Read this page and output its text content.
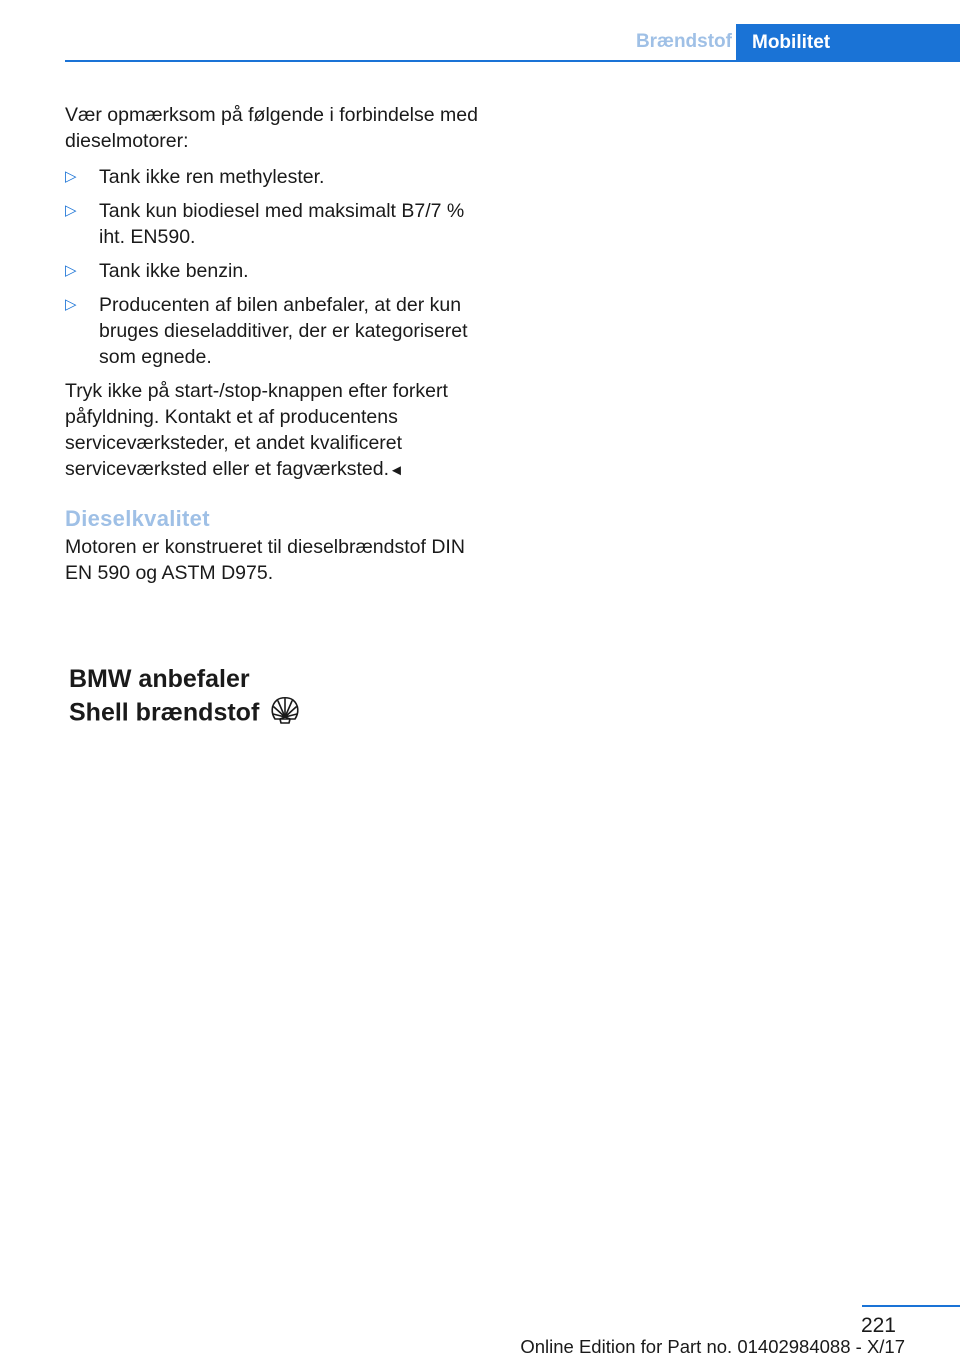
Brændstof	Mobilitet

Vær opmærksom på følgende i forbindelse med dieselmotorer:

▷ Tank ikke ren methylester.
▷ Tank kun biodiesel med maksimalt B7/7 % iht. EN590.
▷ Tank ikke benzin.
▷ Producenten af bilen anbefaler, at der kun bruges dieseladditiver, der er kategoriseret som egnede.

Tryk ikke på start-/stop-knappen efter forkert påfyldning. Kontakt et af producentens serviceværksteder, et andet kvalificeret serviceværksted eller et fagværksted.◄

Dieselkvalitet

Motoren er konstrueret til dieselbrændstof DIN EN 590 og ASTM D975.

BMW anbefaler
Shell brændstof
221
Online Edition for Part no. 01402984088 - X/17
